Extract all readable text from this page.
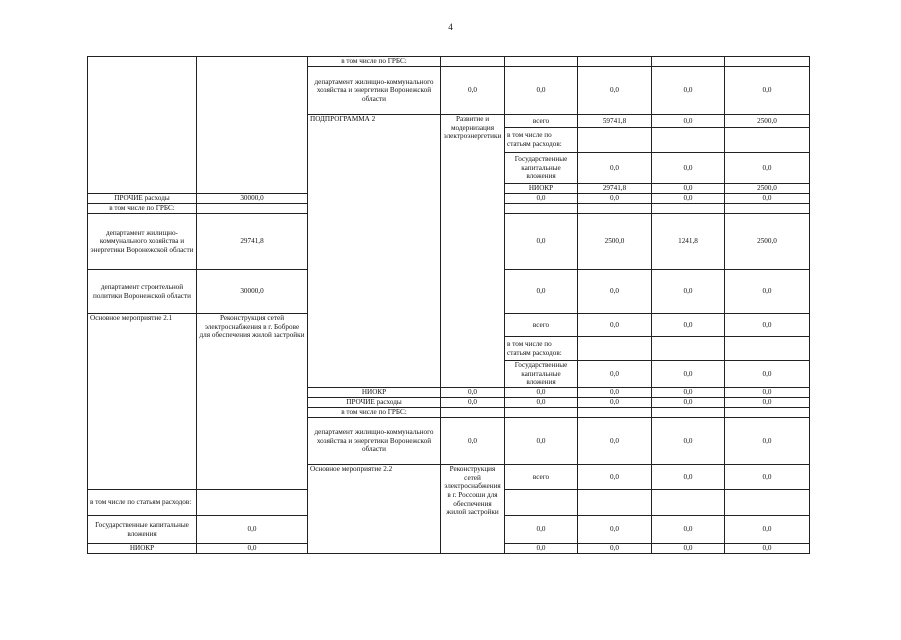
4
		в том числе по ГРБС:						
		департамент жилищно-коммунального хозяйства и энергетики Воронежской области	0,0	0,0	0,0	0,0	0,0	
		ПОДПРОГРАММА 2	Развитие и модернизация электроэнергетики	всего	59741,8	0,0	2500,0		
				в том числе по статьям расходов:					
				Государственные капитальные вложения	0,0	0,0	0,0		
				НИОКР	29741,8	0,0	2500,0		
ПРОЧИЕ расходы	30000,0			0,0	0,0	0,0	0,0	
в том числе по ГРБС:								
департамент жилищно-коммунального хозяйства и энергетики Воронежской области	29741,8			0,0	2500,0	1241,8	2500,0	
департамент строительной политики Воронежской области	30000,0			0,0	0,0	0,0	0,0	
Основное мероприятие 2.1	Реконструкция сетей электроснабжения в г. Боброве для обеспечения жилой застройки			всего	0,0	0,0	0,0		
				в том числе по статьям расходов:					
				Государственные капитальные вложения	0,0	0,0	0,0		
		НИОКР	0,0	0,0	0,0	0,0	0,0	
		ПРОЧИЕ расходы	0,0	0,0	0,0	0,0	0,0	
		в том числе по ГРБС:						
		департамент жилищно-коммунального хозяйства и энергетики Воронежской области	0,0	0,0	0,0	0,0	0,0	
		Основное мероприятие 2.2	Реконструкция сетей электроснабжения в г. Россоши для обеспечения жилой застройки	всего	0,0	0,0	0,0		
в том числе по статьям расходов:								
Государственные капитальные вложения	0,0			0,0	0,0	0,0	0,0	
НИОКР	0,0			0,0	0,0	0,0	0,0	
